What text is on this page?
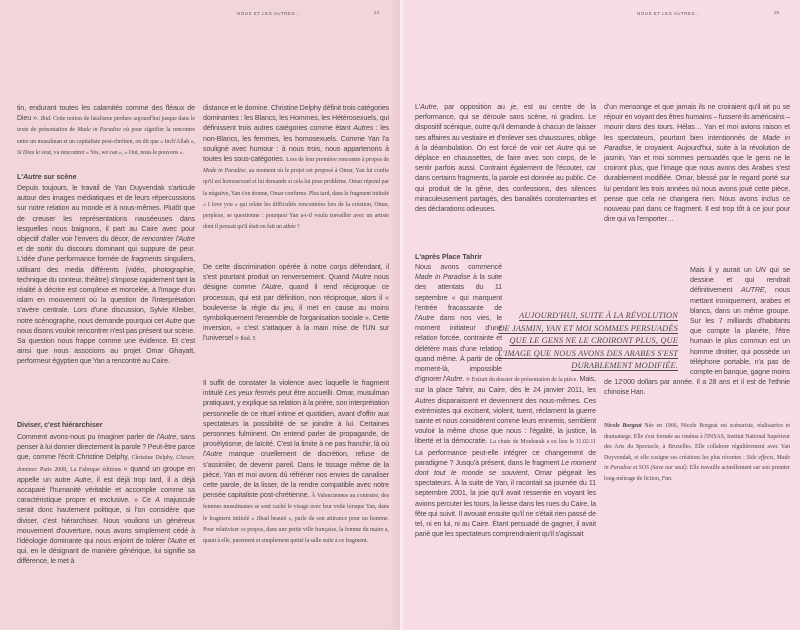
NOUS ET LES AUTRES…	14

tin, endurant toutes les calamités comme des fléaux de Dieu ». Ibid. Cette notion de fatalisme perdure aujourd'hui jusque dans le texte de présentation de Made in Paradise où pour signifier la rencontre entre un musulman et un capitaliste post-chrétien, on dit que « Inch'Allah », Si Dieu le veut, va rencontrer « Yes, we can », « Oui, nous le pouvons ».

L'Autre sur scène

Depuis toujours, le travail de Yan Duyvendak s'articule autour des images médiatiques et de leurs répercussions sur notre relation au monde et à nous-mêmes. Plutôt que de creuser les représentations nauséeuses dans lesquelles nous baignons, il part au Caire avec pour objectif d'aller voir l'envers du décor, de rencontrer l'Autre et de sortir du discours dominant qui suppure de peur. L'idée d'une performance formée de fragments singuliers, utilisant des media différents (vidéo, photographie, technique du conteur, théâtre) s'impose rapidement tant la réalité à décrire est complexe et morcelée, à l'image d'un islam en mouvement où la question de l'interprétation s'avère centrale. Lors d'une discussion, Sylvie Kleiber, notre scénographe, nous demande pourquoi cet Autre que nous disons vouloir rencontrer n'est pas présent sur scène. Sa question nous frappe comme une évidence. Et c'est ainsi que nous associons au projet Omar Ghayatt, performeur égyptien que Yan a rencontré au Caire.

Diviser, c'est hiérarchiser

Comment avons-nous pu imaginer parler de l'Autre, sans penser à lui donner directement la parole ? Peut-être parce que, comme l'écrit Christine Delphy, Christine Delphy, Classer, dominer. Paris 2008, La Fabrique éditions « quand un groupe en appelle un autre Autre, il est déjà trop tard, il a déjà accaparé l'humanité véritable et accomplie comme sa caractéristique propre et exclusive. » Ce A majuscule serait donc hautement politique, si l'on considère que diviser, c'est hiérarchiser. Nous voulions un généreux mouvement d'ouverture, nous avons simplement cédé à l'idéologie dominante qui nous enjoint de tolérer l'Autre et qui, en le désignant de manière générique, lui signifie sa différence, le met à

distance et le domine. Christine Delphy définit trois catégories dominantes : les Blancs, les Hommes, les Hétérosexuels, qui définissent trois autres catégories comme étant Autres : les non-Blancs, les femmes, les homosexuels. Comme Yan l'a souligné avec humour : à nous trois, nous appartenons à toutes les sous-catégories. Lors de leur première rencontre à propos de Made in Paradise, au moment où le projet est proposé à Omar, Yan lui confie qu'il est homosexuel et lui demande si cela lui pose problème. Omar répond par la négative, Yan s'en étonne, Omar confirme. Plus tard, dans le fragment intitulé « I love you » qui relate les difficultés rencontrées lors de la création, Omar, perplexe, se questionne : pourquoi Yan a-t-il voulu travailler avec un artiste dont il pensait qu'il était en fait un athée ?

De cette discrimination opérée à notre corps défendant, il s'est pourtant produit un renversement. Quand l'Autre nous désigne comme l'Autre, quand il rend réciproque ce processus, qui est par définition, non réciproque, alors il « bouleverse la règle du jeu, il met en cause au moins symboliquement l'ensemble de l'organisation sociale ». Cette inversion, « c'est s'attaquer à la main mise de l'UN sur l'universel » Ibid. 5

Il suffit de constater la violence avec laquelle le fragment intitulé Les yeux fermés peut être accueilli. Omar, musulman pratiquant, y explique sa relation à la prière, son interprétation personnelle de ce rituel intime et quotidien, avant d'offrir aux spectateurs la possibilité de se joindre à lui. Certaines personnes fulminent. On entend parler de propagande, de prosélytisme, de laïcité. C'est la limite à ne pas franchir, là où l'Autre manque cruellement de discrétion, refuse de s'assimiler, de devenir pareil. Dans le tissage même de la pièce, Yan et moi avons dû réfréner nos envies de canaliser cette parole, de la lisser, de la rendre compatible avec notre pensée capitaliste post-chrétienne. À Valenciennes au contraire, des femmes musulmanes se sont caché le visage avec leur voile lorsque Yan, dans le fragment intitulé « Jihad beauté », parle de son attirance pour un homme. Pour relativiser ce propos, dans une petite ville française, la femme du maire a, quant à elle, purement et simplement quitté la salle suite à ce fragment.

NOUS ET LES AUTRES…	15

L'Autre, par opposition au je, est au centre de la performance, qui se déroule sans scène, ni gradins. Le dispositif scénique, outre qu'il demande à chacun de laisser ses affaires au vestiaire et d'enlever ses chaussures, oblige à la déambulation. On est forcé de voir cet Autre qui se déplace en chaussettes, de faire avec son corps, de le sentir parfois aussi. Contraint également de l'écouter, car dans certains fragments, la parole est donnée au public. Ce qui produit de la gêne, des confessions, des silences miraculeusement partagés, des banalités consternantes et des déclarations odieuses.

L'après Place Tahrir

Nous avons commencé Made in Paradise à la suite des attentats du 11 septembre « qui marquent l'entrée fracassante de l'Autre dans nos vies, le moment initiateur d'une relation forcée, contrainte et délétère mais d'une relation quand même. À partir de ce moment-là, impossible d'ignorer l'Autre. » Extrait du dossier de présentation de la pièce. Mais, sur la place Tahrir, au Caire, dès le 24 janvier 2011, les Autres disparaissent et deviennent des nous-mêmes. Ces extrémistes qui excisent, violent, tuent, réclament la guerre sainte et nous considèrent comme leurs ennemis, semblent vouloir la même chose que nous : l'égalité, la justice, la liberté et la démocratie. La chute de Moubarak a eu lieu le 11.02.11 La performance peut-elle intégrer ce changement de paradigme ? Jusqu'à présent, dans le fragment Le moment dont tout le monde se souvient, Omar piégeait les spectateurs. À la suite de Yan, il racontait sa journée du 11 septembre 2001, la joie qu'il avait ressentie en voyant les avions percuter les tours, la liesse dans les rues du Caire, la fête qui suivit. Il avouait ensuite qu'il ne s'était rien passé de tel, ni en lui, ni au Caire. Étant persuadé de gagner, il avait parié que les spectateurs comprendraient qu'il s'agissait

d'un mensonge et que jamais ils ne croiraient qu'il ait pu se réjouir en voyant des êtres humains – fussent-ils américains – mourir dans des tours. Hélas… Yan et moi avions raison et les spectateurs, pourtant bien intentionnés de Made in Paradise, le croyaient. Aujourd'hui, suite à la révolution de jasmin, Yan et moi sommes persuadés que le gens ne le croiront plus, que l'image que nous avons des Arabes s'est durablement modifiée. Omar, blessé par le regard porté sur lui pendant les trois années où nous avons joué cette pièce, pense que cela ne changera rien. Nous avons inclus ce nouveau pari dans ce fragment. Il est trop tôt à ce jour pour dire qui va l'emporter…

Mais il y aurait un UN qui se dessine et qui rendrait définitivement AUTRE, nous mettant ironiquement, arabes et blancs, dans un même groupe. Sur les 7 milliards d'habitants que compte la planète, l'être humain le plus commun est un homme droitier, qui possède un téléphone portable, n'a pas de compte en banque, gagne moins de 12'000 dollars par année. Il a 28 ans et il est de l'ethnie chinoise Han.

Nicole Borgeat Née en 1966, Nicole Borgeat est scénariste, réalisatrice et dramaturge. Elle s'est formée au cinéma à l'INSAS, Institut National Supérieur des Arts du Spectacle, à Bruxelles. Elle collabore régulièrement avec Yan Duyvendak, et elle cosigne ses créations les plus récentes : Side effects, Made in Paradise et SOS (Save our soul). Elle travaille actuellement sur son premier long-métrage de fiction, Fan.

AUJOURD'HUI, SUITE À LA RÉVOLUTION
DE JASMIN, YAN ET MOI SOMMES PERSUADÉS
QUE LE GENS NE LE CROIRONT PLUS, QUE
L'IMAGE QUE NOUS AVONS DES ARABES S'EST
DURABLEMENT MODIFIÉE.
